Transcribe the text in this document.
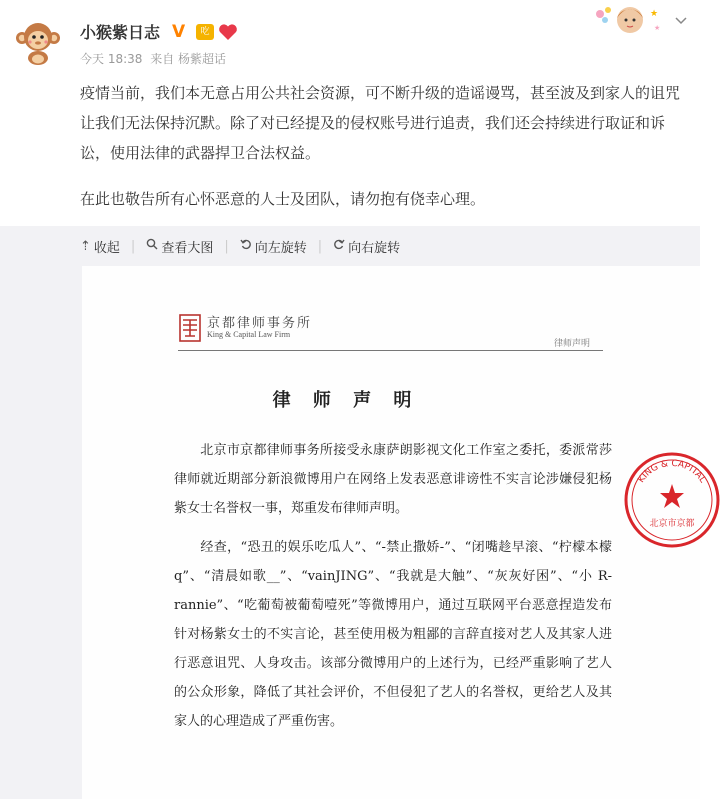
小猴紫日志 V	吃
今天 18:38 来自 杨紫超话
★
★

疫情当前，我们本无意占用公共社会资源，可不断升级的造谣谩骂，甚至波及到家人的诅咒让我们无法保持沉默。除了对已经提及的侵权账号进行追责，我们还会持续进行取证和诉讼，使用法律的武器捍卫合法权益。

在此也敬告所有心怀恶意的人士及团队，请勿抱有侥幸心理。

⇡ 收起 | 查看大图 | 向左旋转 | 向右旋转
京都律师事务所
King & Capital Law Firm
律师声明
律 师 声 明

  北京市京都律师事务所接受永康萨朗影视文化工作室之委托，委派常莎律师就近期部分新浪微博用户在网络上发表恶意诽谤性不实言论涉嫌侵犯杨紫女士名誉权一事，郑重发布律师声明。

  经查，“恐丑的娱乐吃瓜人”、“-禁止撒娇-”、“闭嘴趁早滚、“柠檬本檬 q”、“清晨如歌__”、“vainJING”、“我就是大触”、“灰灰好困”、“小 R-rannie”、“吃葡萄被葡萄噎死”等微博用户，通过互联网平台恶意捏造发布针对杨紫女士的不实言论，甚至使用极为粗鄙的言辞直接对艺人及其家人进行恶意诅咒、人身攻击。该部分微博用户的上述行为，已经严重影响了艺人的公众形象，降低了其社会评价，不但侵犯了艺人的名誉权，更给艺人及其家人的心理造成了严重伤害。

KING & CAPITAL
北京市京都
